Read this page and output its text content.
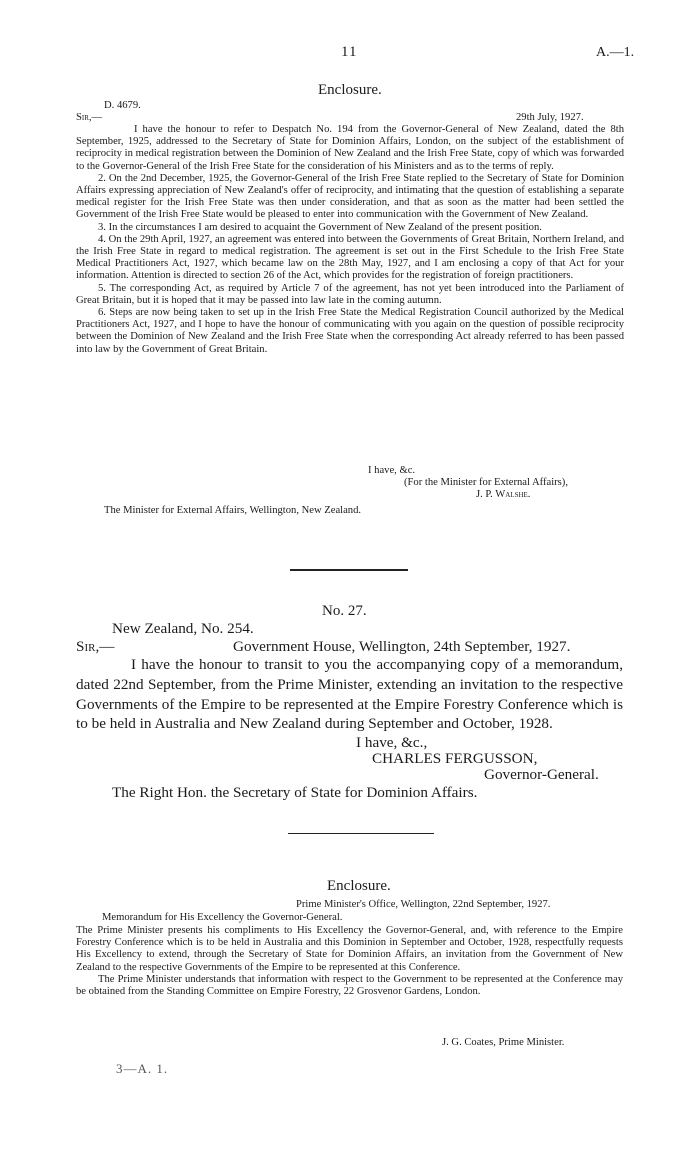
11	A.—1.
Enclosure.
D. 4679.
Sir,—	29th July, 1927.

I have the honour to refer to Despatch No. 194 from the Governor-General of New Zealand, dated the 8th September, 1925, addressed to the Secretary of State for Dominion Affairs, London, on the subject of the establishment of reciprocity in medical registration between the Dominion of New Zealand and the Irish Free State, copy of which was forwarded to the Governor-General of the Irish Free State for the consideration of his Ministers and as to the terms of reply.

2. On the 2nd December, 1925, the Governor-General of the Irish Free State replied to the Secretary of State for Dominion Affairs expressing appreciation of New Zealand's offer of reciprocity, and intimating that the question of establishing a separate medical register for the Irish Free State was then under consideration, and that as soon as the matter had been settled the Government of the Irish Free State would be pleased to enter into communication with the Government of New Zealand.

3. In the circumstances I am desired to acquaint the Government of New Zealand of the present position.

4. On the 29th April, 1927, an agreement was entered into between the Governments of Great Britain, Northern Ireland, and the Irish Free State in regard to medical registration. The agreement is set out in the First Schedule to the Irish Free State Medical Practitioners Act, 1927, which became law on the 28th May, 1927, and I am enclosing a copy of that Act for your information. Attention is directed to section 26 of the Act, which provides for the registration of foreign practitioners.

5. The corresponding Act, as required by Article 7 of the agreement, has not yet been introduced into the Parliament of Great Britain, but it is hoped that it may be passed into law late in the coming autumn.

6. Steps are now being taken to set up in the Irish Free State the Medical Registration Council authorized by the Medical Practitioners Act, 1927, and I hope to have the honour of communicating with you again on the question of possible reciprocity between the Dominion of New Zealand and the Irish Free State when the corresponding Act already referred to has been passed into law by the Government of Great Britain.

I have, &c.
(For the Minister for External Affairs),
J. P. Walshe.
The Minister for External Affairs, Wellington, New Zealand.
No. 27.
New Zealand, No. 254.
Sir,—	Government House, Wellington, 24th September, 1927.

I have the honour to transit to you the accompanying copy of a memorandum, dated 22nd September, from the Prime Minister, extending an invitation to the respective Governments of the Empire to be represented at the Empire Forestry Conference which is to be held in Australia and New Zealand during September and October, 1928.

I have, &c.,
CHARLES FERGUSSON,
Governor-General.
The Right Hon. the Secretary of State for Dominion Affairs.
Enclosure.
Prime Minister's Office, Wellington, 22nd September, 1927.
Memorandum for His Excellency the Governor-General.

The Prime Minister presents his compliments to His Excellency the Governor-General, and, with reference to the Empire Forestry Conference which is to be held in Australia and this Dominion in September and October, 1928, respectfully requests His Excellency to extend, through the Secretary of State for Dominion Affairs, an invitation from the Government of New Zealand to the respective Governments of the Empire to be represented at this Conference.

The Prime Minister understands that information with respect to the Government to be represented at the Conference may be obtained from the Standing Committee on Empire Forestry, 22 Grosvenor Gardens, London.

J. G. Coates, Prime Minister.
3—A. 1.
